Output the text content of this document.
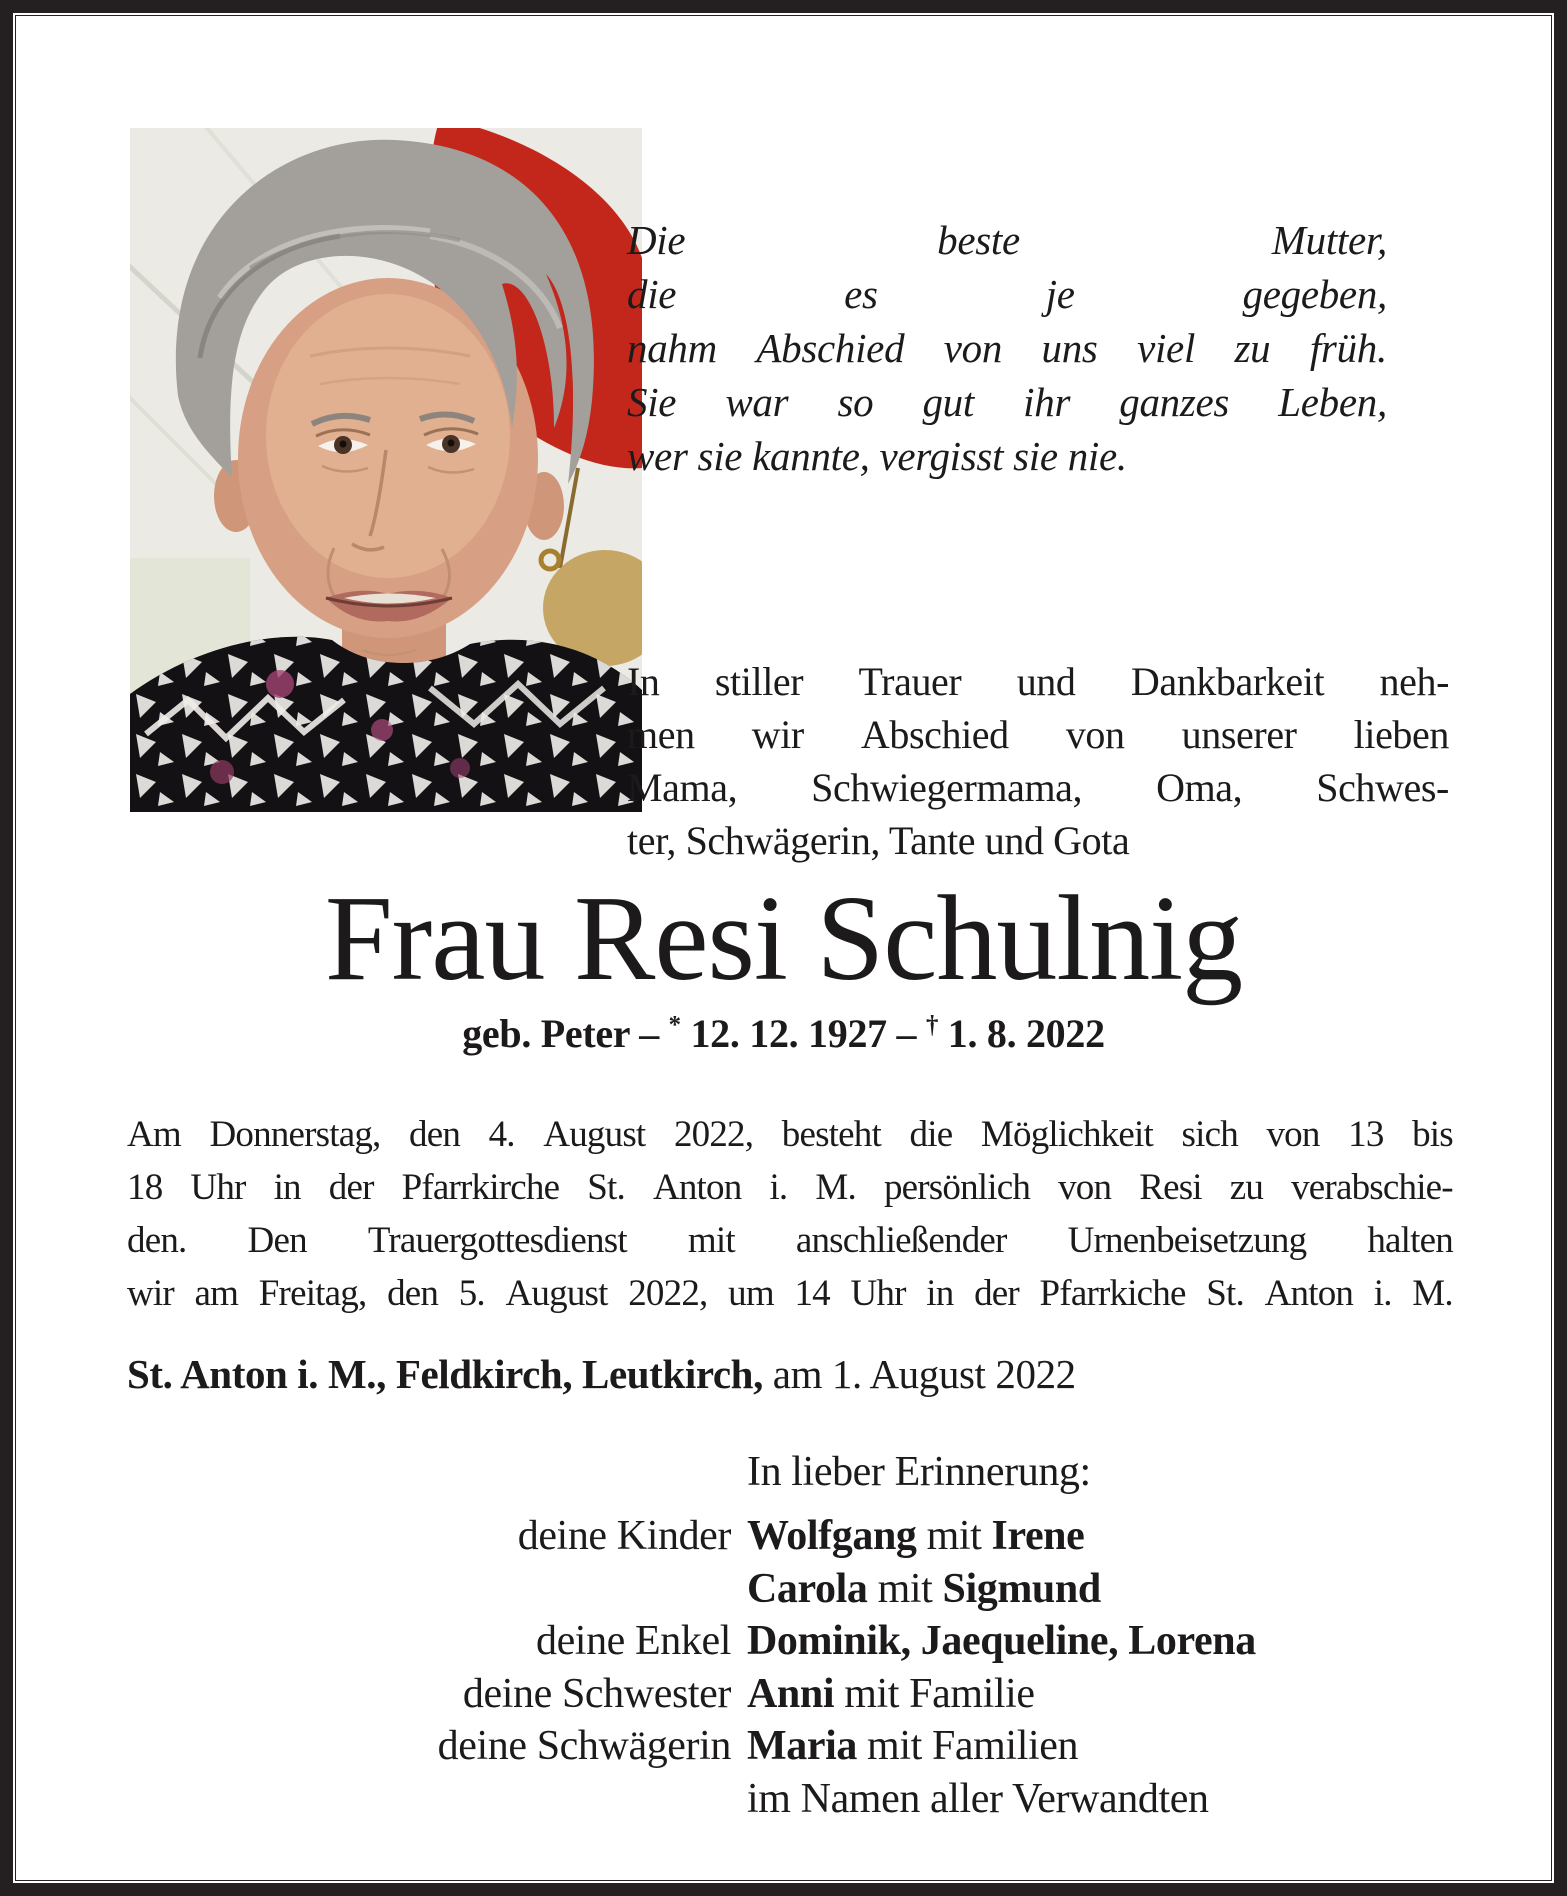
Die	beste	Mutter,
die	es	je	gegeben,
nahm Abschied von uns viel zu früh.
Sie war so gut ihr ganzes Leben,
wer sie kannte, vergisst sie nie.
In stiller Trauer und Dankbarkeit neh-
men wir Abschied von unserer lieben
Mama, Schwiegermama, Oma, Schwes-
ter, Schwägerin, Tante und Gota
Frau Resi Schulnig
geb. Peter – * 12. 12. 1927 – † 1. 8. 2022
Am Donnerstag, den 4. August 2022, besteht die Möglichkeit sich von 13 bis
18 Uhr in der Pfarrkirche St. Anton i. M. persönlich von Resi zu verabschie-
den. Den Trauergottesdienst mit anschließender Urnenbeisetzung halten
wir am Freitag, den 5. August 2022, um 14 Uhr in der Pfarrkiche St. Anton i. M.
St. Anton i. M., Feldkirch, Leutkirch, am 1. August 2022
In lieber Erinnerung:
deine Kinder Wolfgang mit Irene
Carola mit Sigmund
deine Enkel Dominik, Jaequeline, Lorena
deine Schwester Anni mit Familie
deine Schwägerin Maria mit Familien
im Namen aller Verwandten
